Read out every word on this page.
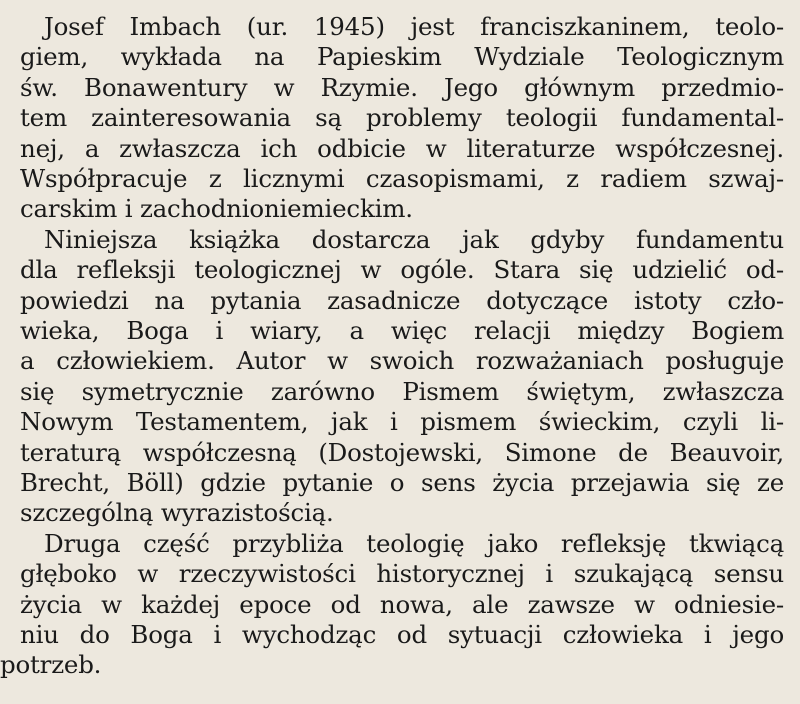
Josef Imbach (ur. 1945) jest franciszkaninem, teolo-
giem, wykłada na Papieskim Wydziale Teologicznym
św. Bonawentury w Rzymie. Jego głównym przedmio-
tem zainteresowania są problemy teologii fundamental-
nej, a zwłaszcza ich odbicie w literaturze współczesnej.
Współpracuje z licznymi czasopismami, z radiem szwaj-
carskim i zachodnioniemieckim.
Niniejsza książka dostarcza jak gdyby fundamentu
dla refleksji teologicznej w ogóle. Stara się udzielić od-
powiedzi na pytania zasadnicze dotyczące istoty czło-
wieka, Boga i wiary, a więc relacji między Bogiem
a człowiekiem. Autor w swoich rozważaniach posługuje
się symetrycznie zarówno Pismem świętym, zwłaszcza
Nowym Testamentem, jak i pismem świeckim, czyli li-
teraturą współczesną (Dostojewski, Simone de Beauvoir,
Brecht, Böll) gdzie pytanie o sens życia przejawia się ze
szczególną wyrazistością.
Druga część przybliża teologię jako refleksję tkwiącą
głęboko w rzeczywistości historycznej i szukającą sensu
życia w każdej epoce od nowa, ale zawsze w odniesie-
niu do Boga i wychodząc od sytuacji człowieka i jego
potrzeb.
